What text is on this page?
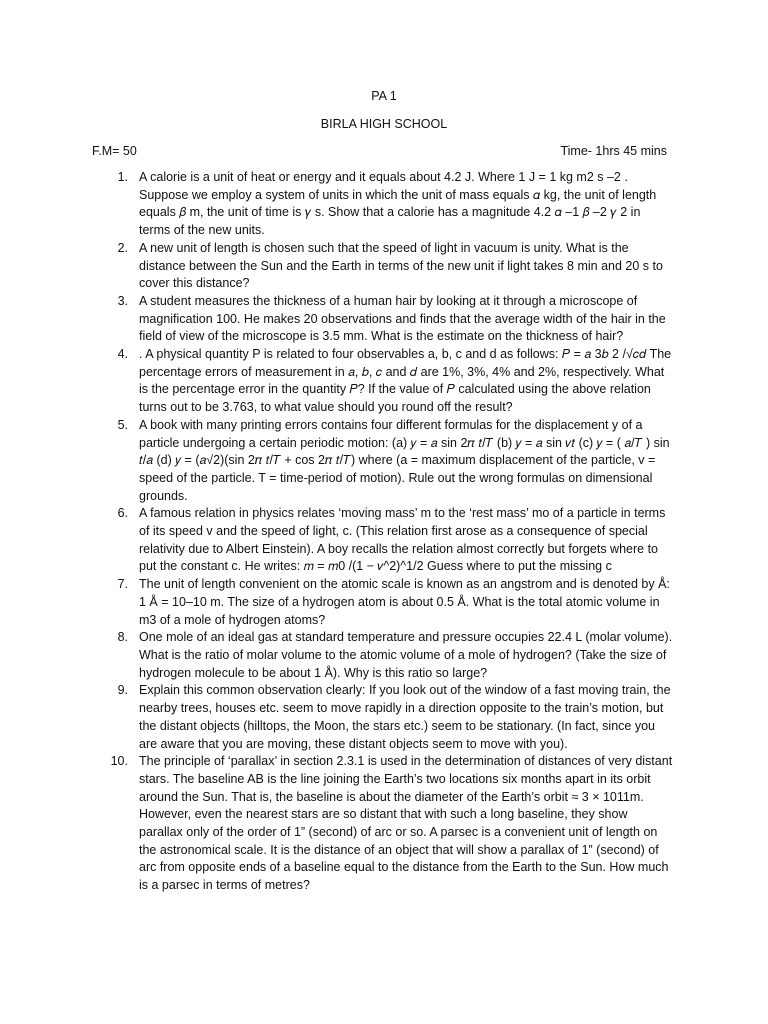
PA 1
BIRLA HIGH SCHOOL
F.M= 50	Time- 1hrs 45 mins
1. A calorie is a unit of heat or energy and it equals about 4.2 J. Where 1 J = 1 kg m2 s –2 . Suppose we employ a system of units in which the unit of mass equals 𝛼 kg, the unit of length equals 𝛽 m, the unit of time is 𝛾 s. Show that a calorie has a magnitude 4.2 𝛼 –1 𝛽 –2 𝛾 2 in terms of the new units.
2. A new unit of length is chosen such that the speed of light in vacuum is unity. What is the distance between the Sun and the Earth in terms of the new unit if light takes 8 min and 20 s to cover this distance?
3. A student measures the thickness of a human hair by looking at it through a microscope of magnification 100. He makes 20 observations and finds that the average width of the hair in the field of view of the microscope is 3.5 mm. What is the estimate on the thickness of hair?
4. . A physical quantity P is related to four observables a, b, c and d as follows: 𝑃 = 𝑎 3𝑏 2 /√𝑐𝑑 The percentage errors of measurement in 𝑎, 𝑏, 𝑐 and 𝑑 are 1%, 3%, 4% and 2%, respectively. What is the percentage error in the quantity 𝑃? If the value of 𝑃 calculated using the above relation turns out to be 3.763, to what value should you round off the result?
5. A book with many printing errors contains four different formulas for the displacement y of a particle undergoing a certain periodic motion: (a) 𝑦 = 𝑎 sin 2𝜋 𝑡/𝑇 (b) 𝑦 = 𝑎 sin 𝑣𝑡 (c) 𝑦 = ( 𝑎/𝑇 ) sin 𝑡/𝑎 (d) 𝑦 = (𝑎√2)(sin 2𝜋 𝑡/𝑇 + cos 2𝜋 𝑡/𝑇) where (a = maximum displacement of the particle, v = speed of the particle. T = time-period of motion). Rule out the wrong formulas on dimensional grounds.
6. A famous relation in physics relates ‘moving mass’ m to the ‘rest mass’ mo of a particle in terms of its speed v and the speed of light, c. (This relation first arose as a consequence of special relativity due to Albert Einstein). A boy recalls the relation almost correctly but forgets where to put the constant c. He writes: 𝑚 = 𝑚0 /(1 − 𝑣^2)^1/2 Guess where to put the missing c
7. The unit of length convenient on the atomic scale is known as an angstrom and is denoted by Å: 1 Å = 10–10 m. The size of a hydrogen atom is about 0.5 Å. What is the total atomic volume in m3 of a mole of hydrogen atoms?
8. One mole of an ideal gas at standard temperature and pressure occupies 22.4 L (molar volume). What is the ratio of molar volume to the atomic volume of a mole of hydrogen? (Take the size of hydrogen molecule to be about 1 Å). Why is this ratio so large?
9. Explain this common observation clearly: If you look out of the window of a fast moving train, the nearby trees, houses etc. seem to move rapidly in a direction opposite to the train’s motion, but the distant objects (hilltops, the Moon, the stars etc.) seem to be stationary. (In fact, since you are aware that you are moving, these distant objects seem to move with you).
10. The principle of ‘parallax’ in section 2.3.1 is used in the determination of distances of very distant stars. The baseline AB is the line joining the Earth’s two locations six months apart in its orbit around the Sun. That is, the baseline is about the diameter of the Earth’s orbit ≈ 3 × 1011m. However, even the nearest stars are so distant that with such a long baseline, they show parallax only of the order of 1” (second) of arc or so. A parsec is a convenient unit of length on the astronomical scale. It is the distance of an object that will show a parallax of 1” (second) of arc from opposite ends of a baseline equal to the distance from the Earth to the Sun. How much is a parsec in terms of metres?
